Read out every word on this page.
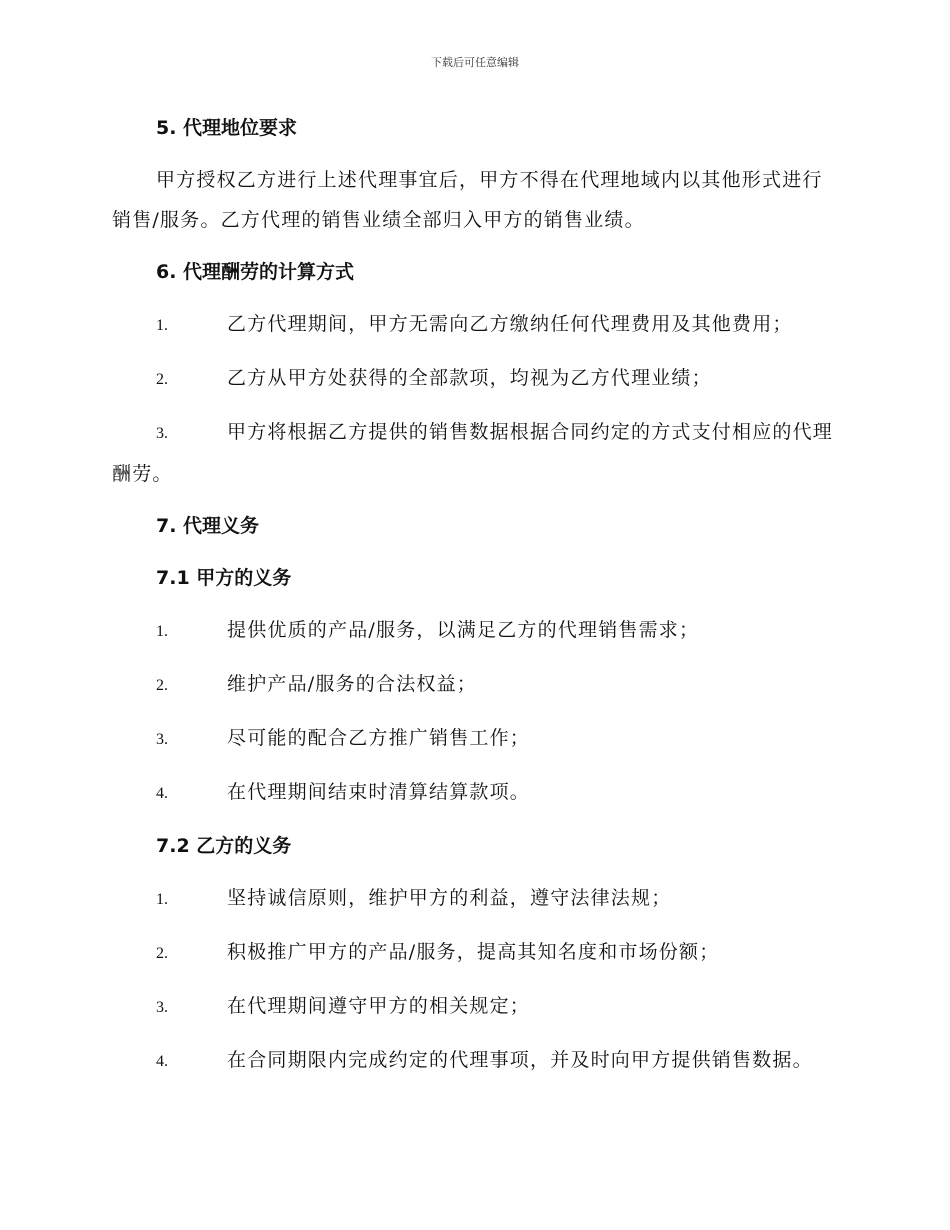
下载后可任意编辑
5. 代理地位要求
甲方授权乙方进行上述代理事宜后，甲方不得在代理地域内以其他形式进行销售/服务。乙方代理的销售业绩全部归入甲方的销售业绩。
6. 代理酬劳的计算方式
1.	乙方代理期间，甲方无需向乙方缴纳任何代理费用及其他费用；
2.	乙方从甲方处获得的全部款项，均视为乙方代理业绩；
3.	甲方将根据乙方提供的销售数据根据合同约定的方式支付相应的代理酬劳。
7. 代理义务
7.1 甲方的义务
1.	提供优质的产品/服务，以满足乙方的代理销售需求；
2.	维护产品/服务的合法权益；
3.	尽可能的配合乙方推广销售工作；
4.	在代理期间结束时清算结算款项。
7.2 乙方的义务
1.	坚持诚信原则，维护甲方的利益，遵守法律法规；
2.	积极推广甲方的产品/服务，提高其知名度和市场份额；
3.	在代理期间遵守甲方的相关规定；
4.	在合同期限内完成约定的代理事项，并及时向甲方提供销售数据。
